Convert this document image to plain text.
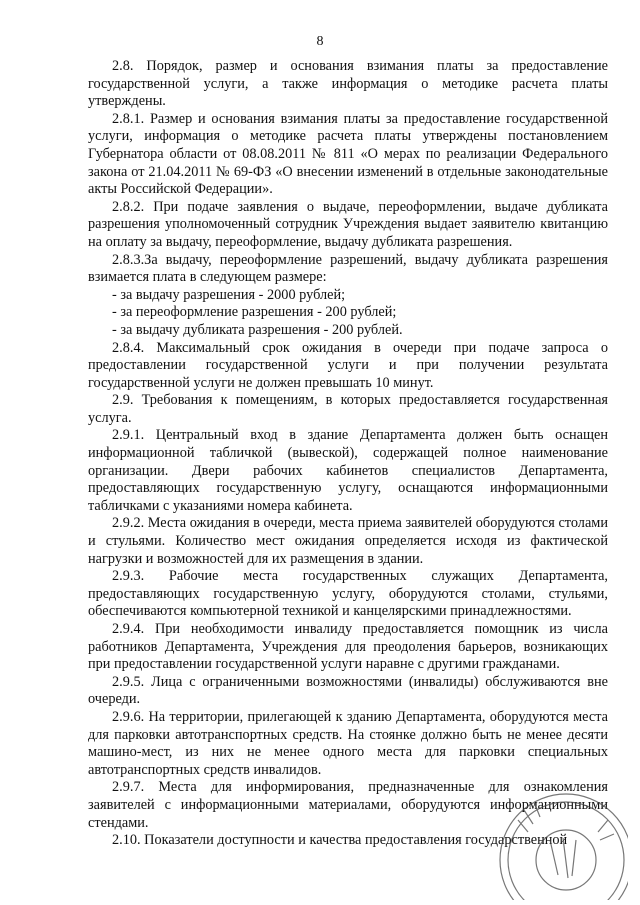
8

2.8. Порядок, размер и основания взимания платы за предоставление государственной услуги, а также информация о методике расчета платы утверждены.

2.8.1. Размер и основания взимания платы за предоставление государственной услуги, информация о методике расчета платы утверждены постановлением Губернатора области от 08.08.2011 № 811 «О мерах по реализации Федерального закона от 21.04.2011 № 69-ФЗ «О внесении изменений в отдельные законодательные акты Российской Федерации».

2.8.2. При подаче заявления о выдаче, переоформлении, выдаче дубликата разрешения уполномоченный сотрудник Учреждения выдает заявителю квитанцию на оплату за выдачу, переоформление, выдачу дубликата разрешения.

2.8.3.За выдачу, переоформление разрешений, выдачу дубликата разрешения взимается плата в следующем размере:

- за выдачу разрешения - 2000 рублей;

- за переоформление разрешения - 200 рублей;

- за выдачу дубликата разрешения - 200 рублей.

2.8.4. Максимальный срок ожидания в очереди при подаче запроса о предоставлении государственной услуги и при получении результата государственной услуги не должен превышать 10 минут.

2.9. Требования к помещениям, в которых предоставляется государственная услуга.

2.9.1. Центральный вход в здание Департамента должен быть оснащен информационной табличкой (вывеской), содержащей полное наименование организации. Двери рабочих кабинетов специалистов Департамента, предоставляющих государственную услугу, оснащаются информационными табличками с указаниями номера кабинета.

2.9.2. Места ожидания в очереди, места приема заявителей оборудуются столами и стульями. Количество мест ожидания определяется исходя из фактической нагрузки и возможностей для их размещения в здании.

2.9.3. Рабочие места государственных служащих Департамента, предоставляющих государственную услугу, оборудуются столами, стульями, обеспечиваются компьютерной техникой и канцелярскими принадлежностями.

2.9.4. При необходимости инвалиду предоставляется помощник из числа работников Департамента, Учреждения для преодоления барьеров, возникающих при предоставлении государственной услуги наравне с другими гражданами.

2.9.5. Лица с ограниченными возможностями (инвалиды) обслуживаются вне очереди.

2.9.6. На территории, прилегающей к зданию Департамента, оборудуются места для парковки автотранспортных средств. На стоянке должно быть не менее десяти машино-мест, из них не менее одного места для парковки специальных автотранспортных средств инвалидов.

2.9.7. Места для информирования, предназначенные для ознакомления заявителей с информационными материалами, оборудуются информационными стендами.

2.10. Показатели доступности и качества предоставления государственной
